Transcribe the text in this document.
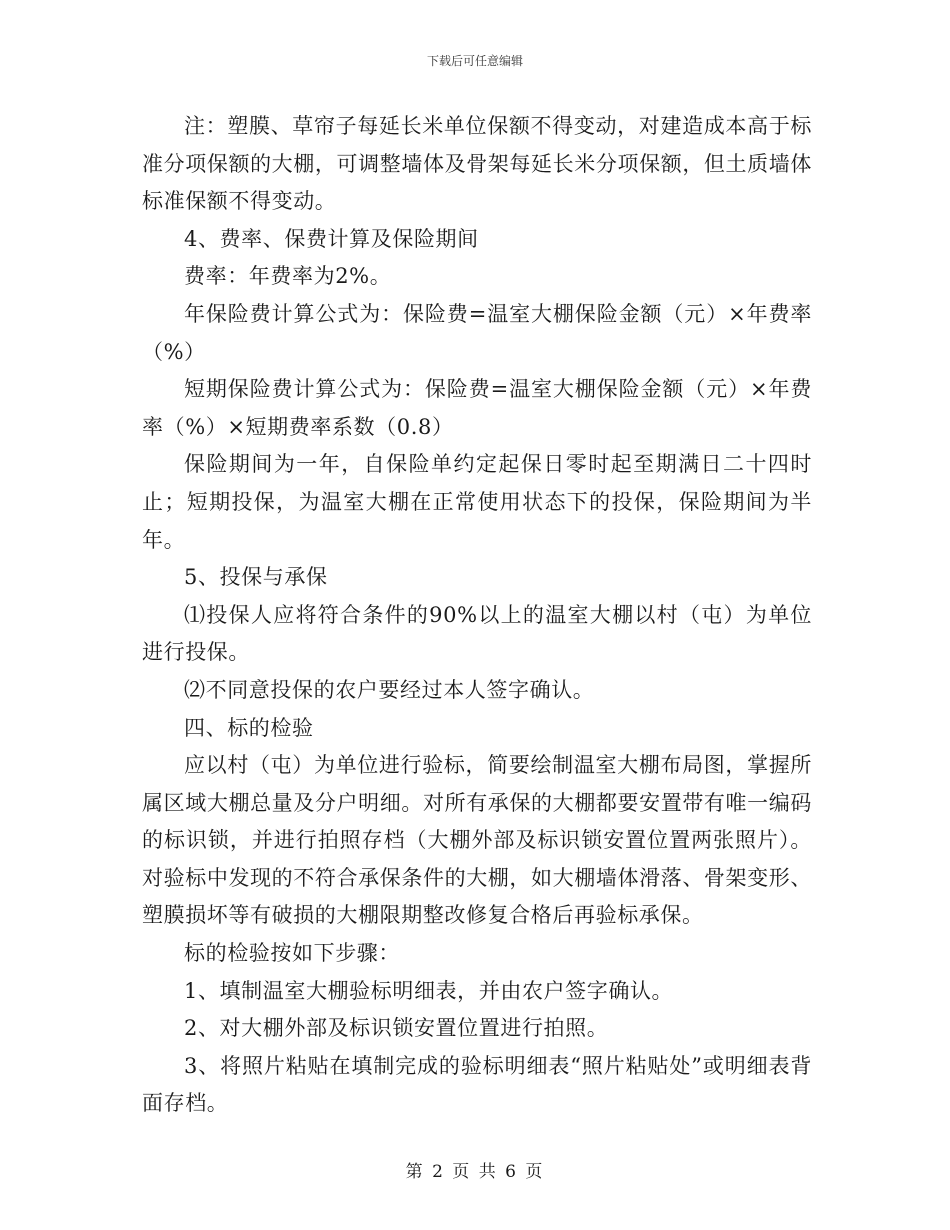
下载后可任意编辑

注：塑膜、草帘子每延长米单位保额不得变动，对建造成本高于标准分项保额的大棚，可调整墙体及骨架每延长米分项保额，但土质墙体标准保额不得变动。

4、费率、保费计算及保险期间

费率：年费率为2%。

年保险费计算公式为：保险费=温室大棚保险金额（元）×年费率（%）

短期保险费计算公式为：保险费=温室大棚保险金额（元）×年费率（%）×短期费率系数（0.8）

保险期间为一年，自保险单约定起保日零时起至期满日二十四时止；短期投保，为温室大棚在正常使用状态下的投保，保险期间为半年。

5、投保与承保

⑴投保人应将符合条件的90%以上的温室大棚以村（屯）为单位进行投保。

⑵不同意投保的农户要经过本人签字确认。

四、标的检验

应以村（屯）为单位进行验标，简要绘制温室大棚布局图，掌握所属区域大棚总量及分户明细。对所有承保的大棚都要安置带有唯一编码的标识锁，并进行拍照存档（大棚外部及标识锁安置位置两张照片）。对验标中发现的不符合承保条件的大棚，如大棚墙体滑落、骨架变形、塑膜损坏等有破损的大棚限期整改修复合格后再验标承保。

标的检验按如下步骤：

1、填制温室大棚验标明细表，并由农户签字确认。

2、对大棚外部及标识锁安置位置进行拍照。

3、将照片粘贴在填制完成的验标明细表“照片粘贴处”或明细表背面存档。

第 2 页 共 6 页
